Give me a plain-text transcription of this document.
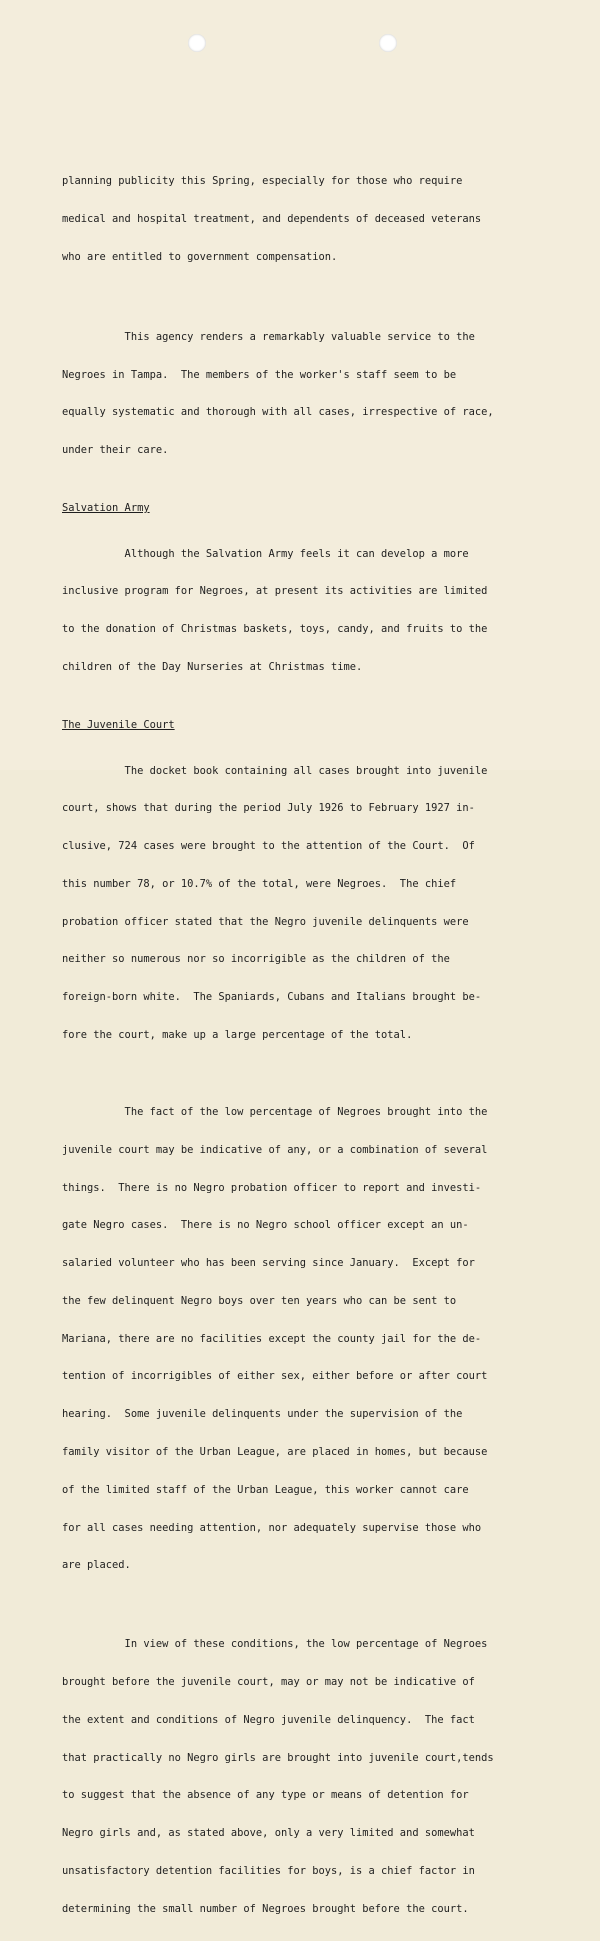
planning publicity this Spring, especially for those who require

medical and hospital treatment, and dependents of deceased veterans

who are entitled to government compensation.

This agency renders a remarkably valuable service to the

Negroes in Tampa.  The members of the worker's staff seem to be

equally systematic and thorough with all cases, irrespective of race,

under their care.

Salvation Army

Although the Salvation Army feels it can develop a more

inclusive program for Negroes, at present its activities are limited

to the donation of Christmas baskets, toys, candy, and fruits to the

children of the Day Nurseries at Christmas time.

The Juvenile Court

The docket book containing all cases brought into juvenile

court, shows that during the period July 1926 to February 1927 in-

clusive, 724 cases were brought to the attention of the Court.  Of

this number 78, or 10.7% of the total, were Negroes.  The chief

probation officer stated that the Negro juvenile delinquents were

neither so numerous nor so incorrigible as the children of the

foreign-born white.  The Spaniards, Cubans and Italians brought be-

fore the court, make up a large percentage of the total.

The fact of the low percentage of Negroes brought into the

juvenile court may be indicative of any, or a combination of several

things.  There is no Negro probation officer to report and investi-

gate Negro cases.  There is no Negro school officer except an un-

salaried volunteer who has been serving since January.  Except for

the few delinquent Negro boys over ten years who can be sent to

Mariana, there are no facilities except the county jail for the de-

tention of incorrigibles of either sex, either before or after court

hearing.  Some juvenile delinquents under the supervision of the

family visitor of the Urban League, are placed in homes, but because

of the limited staff of the Urban League, this worker cannot care

for all cases needing attention, nor adequately supervise those who

are placed.

In view of these conditions, the low percentage of Negroes

brought before the juvenile court, may or may not be indicative of

the extent and conditions of Negro juvenile delinquency.  The fact

that practically no Negro girls are brought into juvenile court,tends

to suggest that the absence of any type or means of detention for

Negro girls and, as stated above, only a very limited and somewhat

unsatisfactory detention facilities for boys, is a chief factor in

determining the small number of Negroes brought before the court.
